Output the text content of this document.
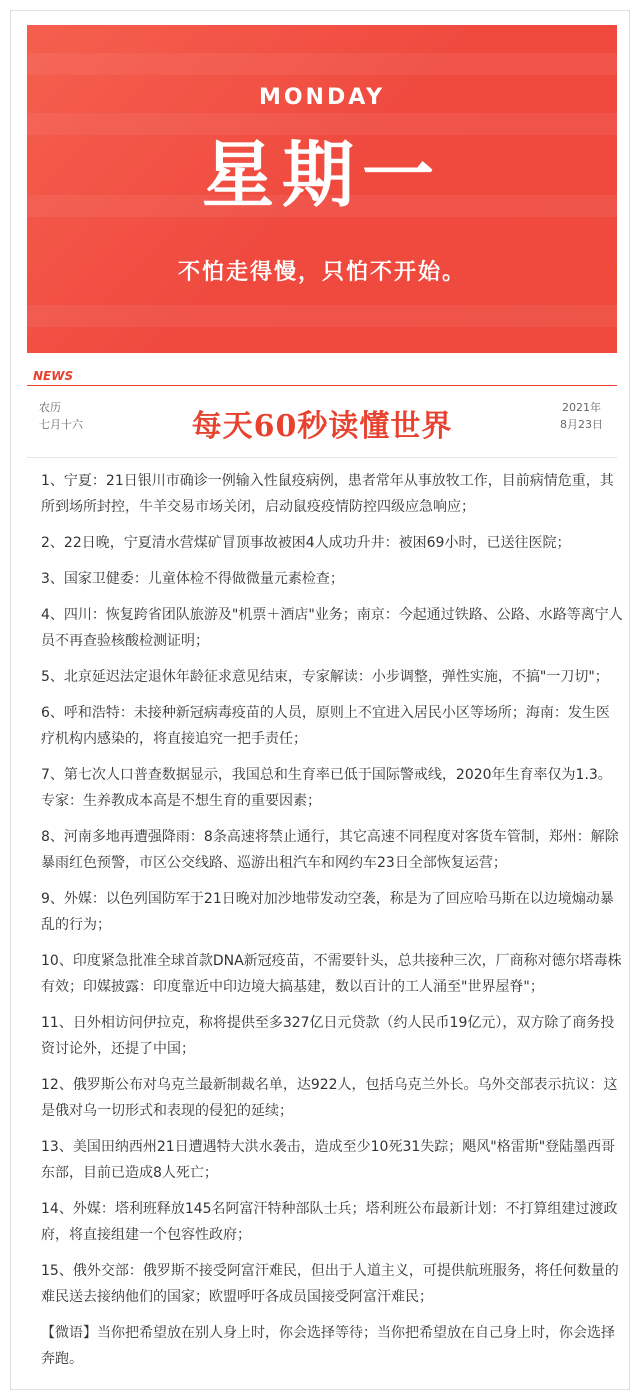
MONDAY
星期一
不怕走得慢，只怕不开始。
NEWS
农历
七月十六	每天60秒读懂世界
2021年
8月23日

1、宁夏：21日银川市确诊一例输入性鼠疫病例，患者常年从事放牧工作，目前病情危重，其所到场所封控，牛羊交易市场关闭，启动鼠疫疫情防控四级应急响应；

2、22日晚，宁夏清水营煤矿冒顶事故被困4人成功升井：被困69小时，已送往医院；

3、国家卫健委：儿童体检不得做微量元素检查；

4、四川：恢复跨省团队旅游及"机票＋酒店"业务；南京：今起通过铁路、公路、水路等离宁人员不再查验核酸检测证明；

5、北京延迟法定退休年龄征求意见结束，专家解读：小步调整，弹性实施，不搞"一刀切"；

6、呼和浩特：未接种新冠病毒疫苗的人员，原则上不宜进入居民小区等场所；海南：发生医疗机构内感染的，将直接追究一把手责任；

7、第七次人口普查数据显示，我国总和生育率已低于国际警戒线，2020年生育率仅为1.3。专家：生养教成本高是不想生育的重要因素；

8、河南多地再遭强降雨：8条高速将禁止通行，其它高速不同程度对客货车管制，郑州：解除暴雨红色预警，市区公交线路、巡游出租汽车和网约车23日全部恢复运营；

9、外媒：以色列国防军于21日晚对加沙地带发动空袭，称是为了回应哈马斯在以边境煽动暴乱的行为；

10、印度紧急批准全球首款DNA新冠疫苗，不需要针头，总共接种三次，厂商称对德尔塔毒株有效；印媒披露：印度靠近中印边境大搞基建，数以百计的工人涌至"世界屋脊"；

11、日外相访问伊拉克，称将提供至多327亿日元贷款（约人民币19亿元），双方除了商务投资讨论外，还提了中国；

12、俄罗斯公布对乌克兰最新制裁名单，达922人，包括乌克兰外长。乌外交部表示抗议：这是俄对乌一切形式和表现的侵犯的延续；

13、美国田纳西州21日遭遇特大洪水袭击，造成至少10死31失踪；飓风"格雷斯"登陆墨西哥东部，目前已造成8人死亡；

14、外媒：塔利班释放145名阿富汗特种部队士兵；塔利班公布最新计划：不打算组建过渡政府，将直接组建一个包容性政府；

15、俄外交部：俄罗斯不接受阿富汗难民，但出于人道主义，可提供航班服务，将任何数量的难民送去接纳他们的国家；欧盟呼吁各成员国接受阿富汗难民；

【微语】当你把希望放在别人身上时，你会选择等待；当你把希望放在自己身上时，你会选择奔跑。
